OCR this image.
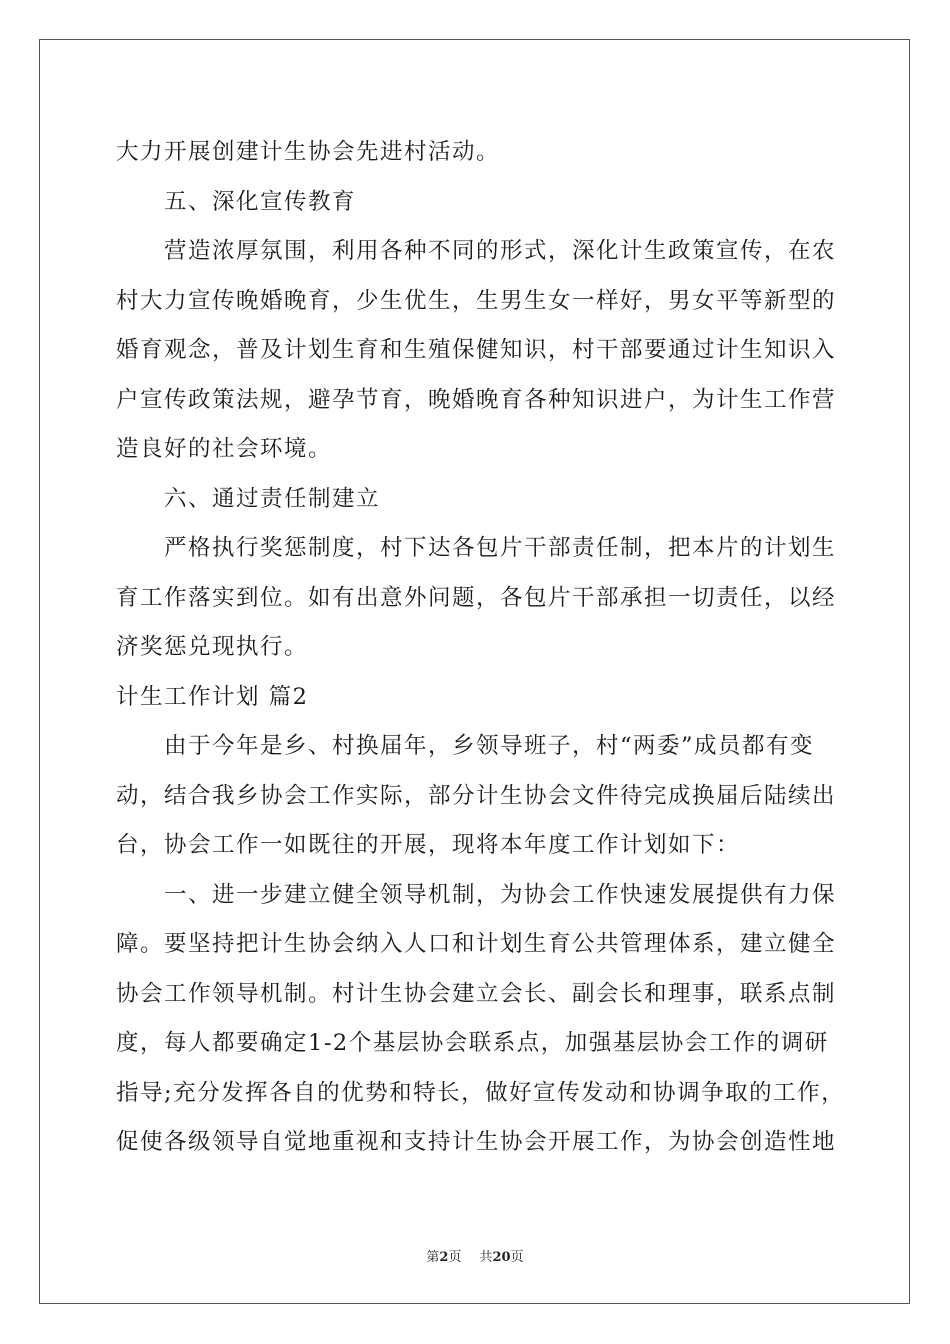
大力开展创建计生协会先进村活动。
五、深化宣传教育
营造浓厚氛围，利用各种不同的形式，深化计生政策宣传，在农
村大力宣传晚婚晚育，少生优生，生男生女一样好，男女平等新型的
婚育观念，普及计划生育和生殖保健知识，村干部要通过计生知识入
户宣传政策法规，避孕节育，晚婚晚育各种知识进户，为计生工作营
造良好的社会环境。
六、通过责任制建立
严格执行奖惩制度，村下达各包片干部责任制，把本片的计划生
育工作落实到位。如有出意外问题，各包片干部承担一切责任，以经
济奖惩兑现执行。
计生工作计划 篇2
由于今年是乡、村换届年，乡领导班子，村“两委”成员都有变
动，结合我乡协会工作实际，部分计生协会文件待完成换届后陆续出
台，协会工作一如既往的开展，现将本年度工作计划如下：
一、进一步建立健全领导机制，为协会工作快速发展提供有力保
障。要坚持把计生协会纳入人口和计划生育公共管理体系，建立健全
协会工作领导机制。村计生协会建立会长、副会长和理事，联系点制
度，每人都要确定1-2个基层协会联系点，加强基层协会工作的调研
指导;充分发挥各自的优势和特长，做好宣传发动和协调争取的工作，
促使各级领导自觉地重视和支持计生协会开展工作，为协会创造性地
第2页 共20页
